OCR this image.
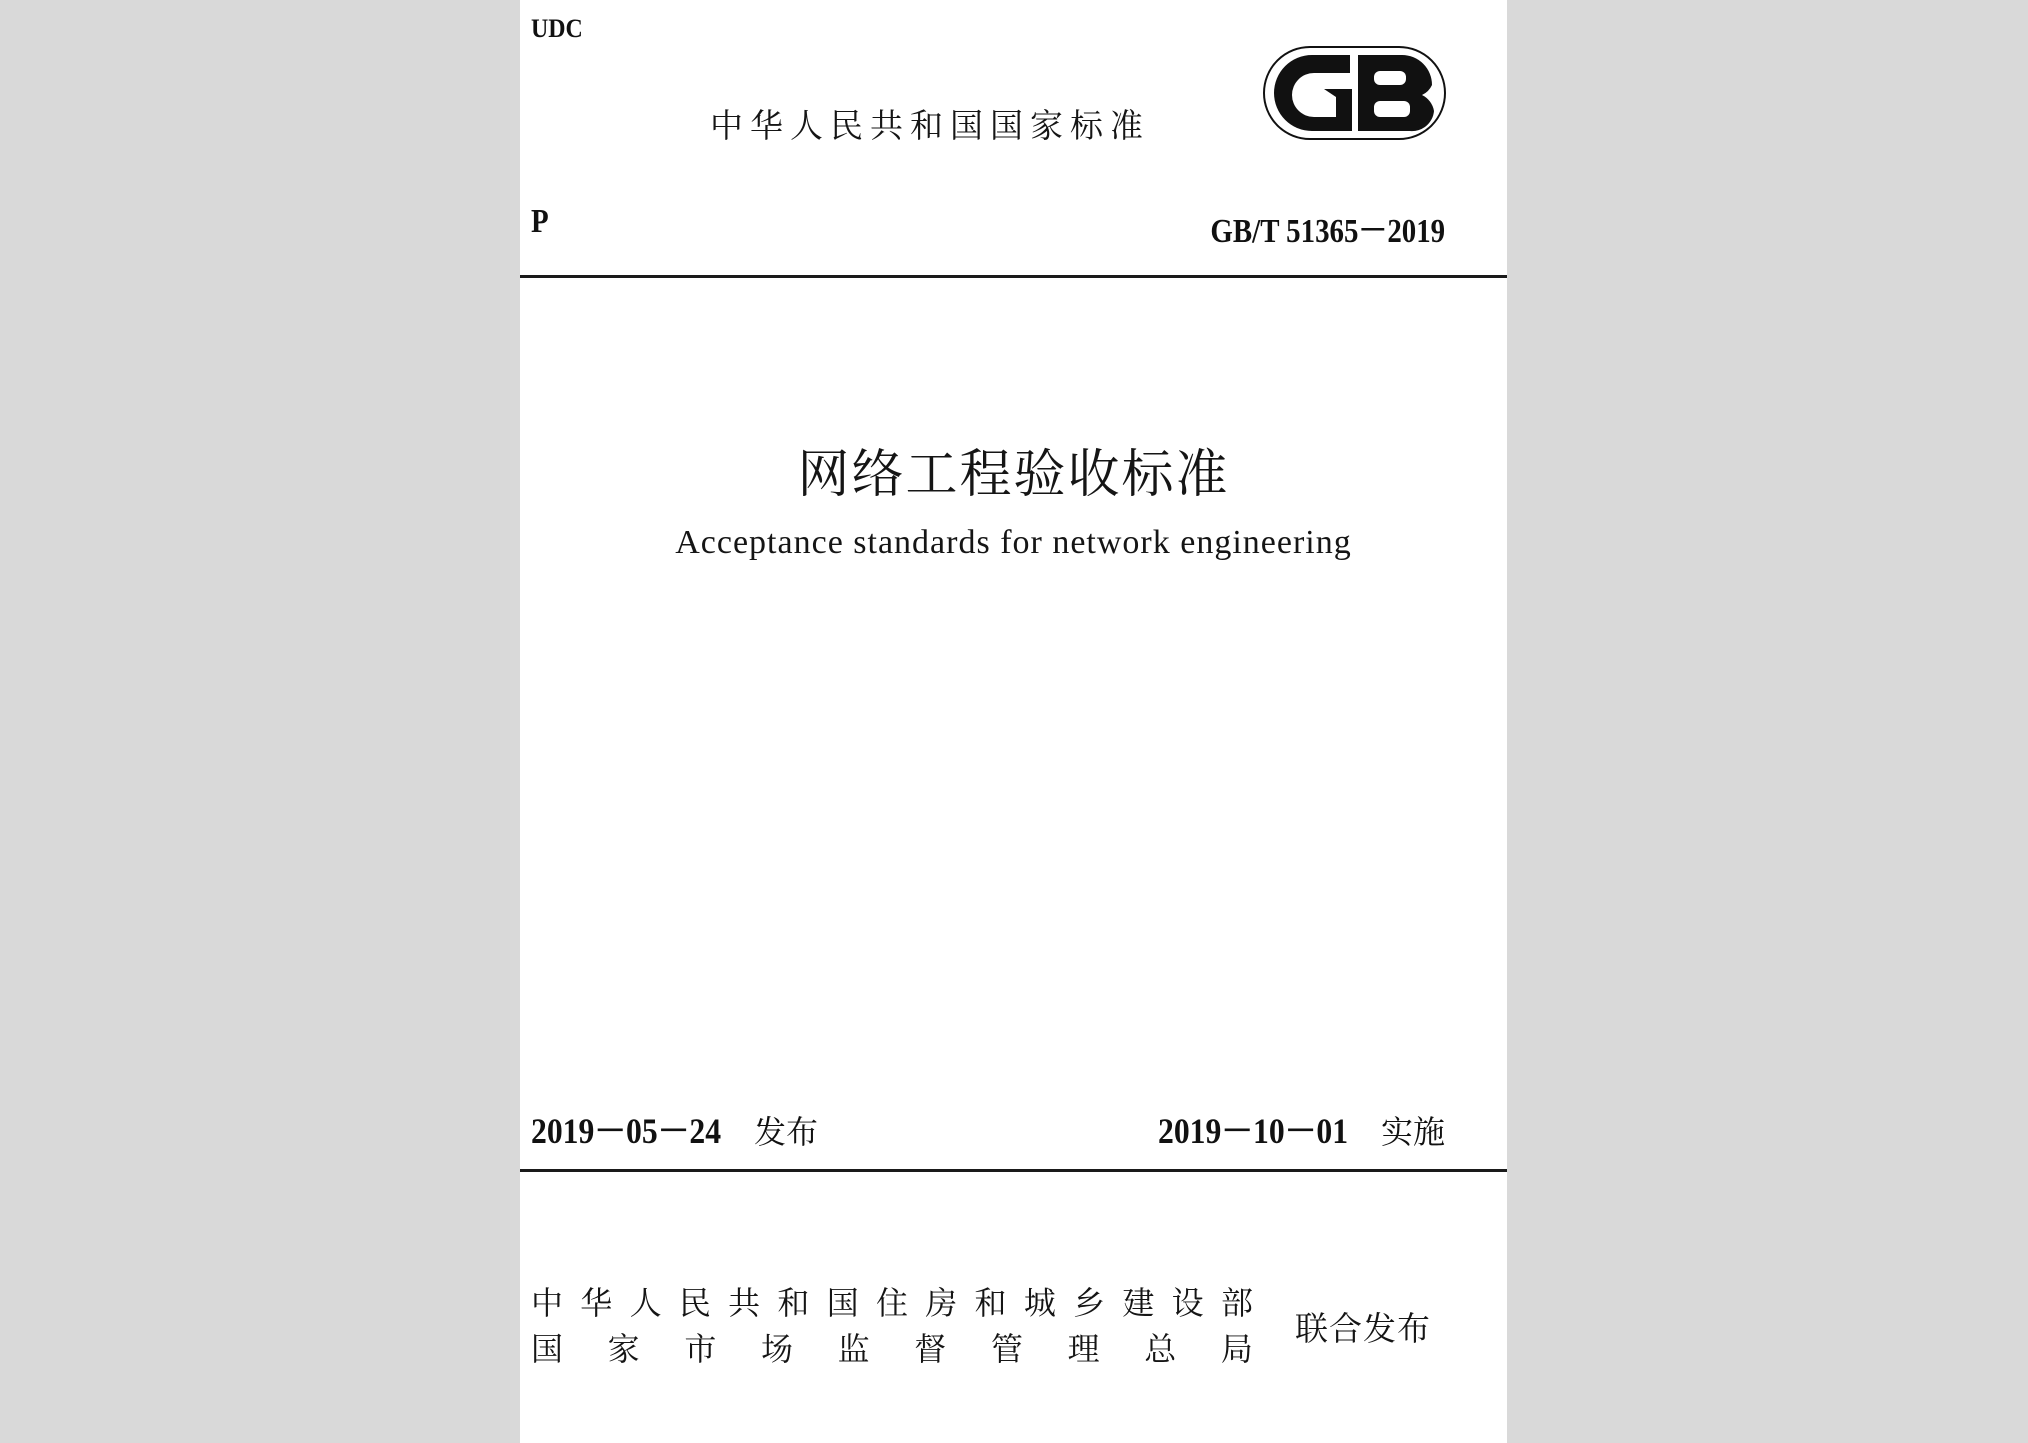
UDC
中华人民共和国国家标准
P	GB/T 51365－2019
网络工程验收标准
Acceptance standards for network engineering
2019－05－24 发布	2019－10－01 实施
中 华 人 民 共 和 国 住 房 和 城 乡 建 设 部
国 家 市 场 监 督 管 理 总 局
联合发布
